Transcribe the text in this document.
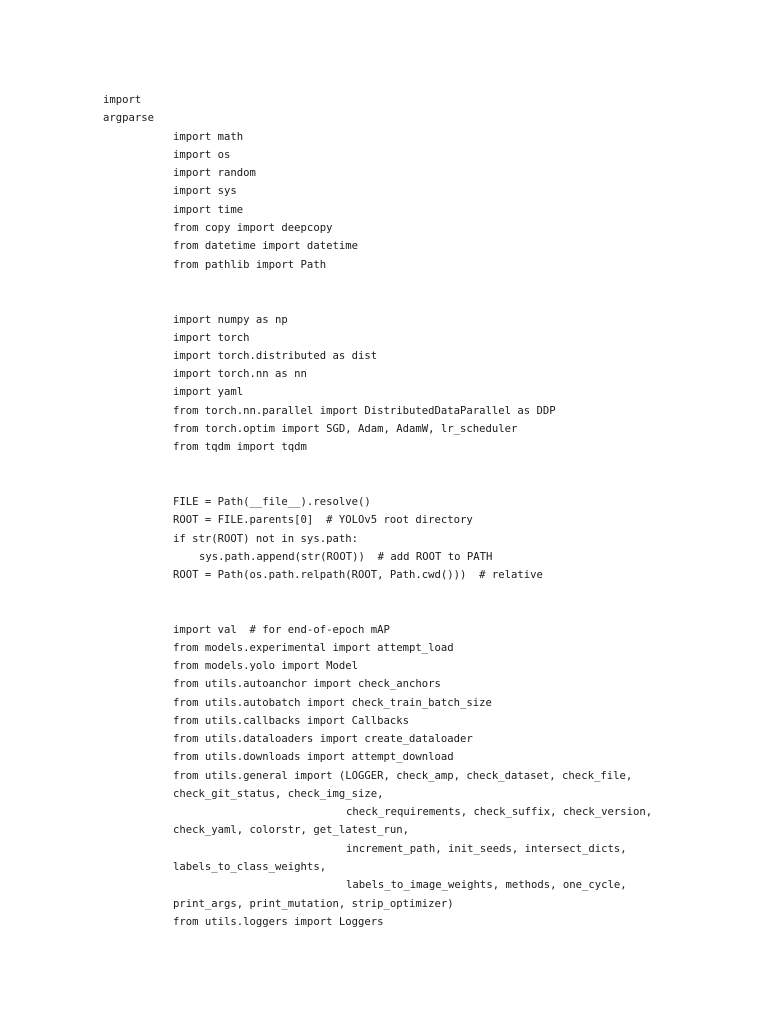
import

argparse

import math

import os

import random

import sys

import time

from copy import deepcopy

from datetime import datetime

from pathlib import Path

import numpy as np

import torch

import torch.distributed as dist

import torch.nn as nn

import yaml

from torch.nn.parallel import DistributedDataParallel as DDP

from torch.optim import SGD, Adam, AdamW, lr_scheduler

from tqdm import tqdm

FILE = Path(__file__).resolve()

ROOT = FILE.parents[0]  # YOLOv5 root directory

if str(ROOT) not in sys.path:

sys.path.append(str(ROOT))  # add ROOT to PATH

ROOT = Path(os.path.relpath(ROOT, Path.cwd()))  # relative

import val  # for end-of-epoch mAP

from models.experimental import attempt_load

from models.yolo import Model

from utils.autoanchor import check_anchors

from utils.autobatch import check_train_batch_size

from utils.callbacks import Callbacks

from utils.dataloaders import create_dataloader

from utils.downloads import attempt_download

from utils.general import (LOGGER, check_amp, check_dataset, check_file,

check_git_status, check_img_size,

check_requirements, check_suffix, check_version,

check_yaml, colorstr, get_latest_run,

increment_path, init_seeds, intersect_dicts,

labels_to_class_weights,

labels_to_image_weights, methods, one_cycle,

print_args, print_mutation, strip_optimizer)

from utils.loggers import Loggers
